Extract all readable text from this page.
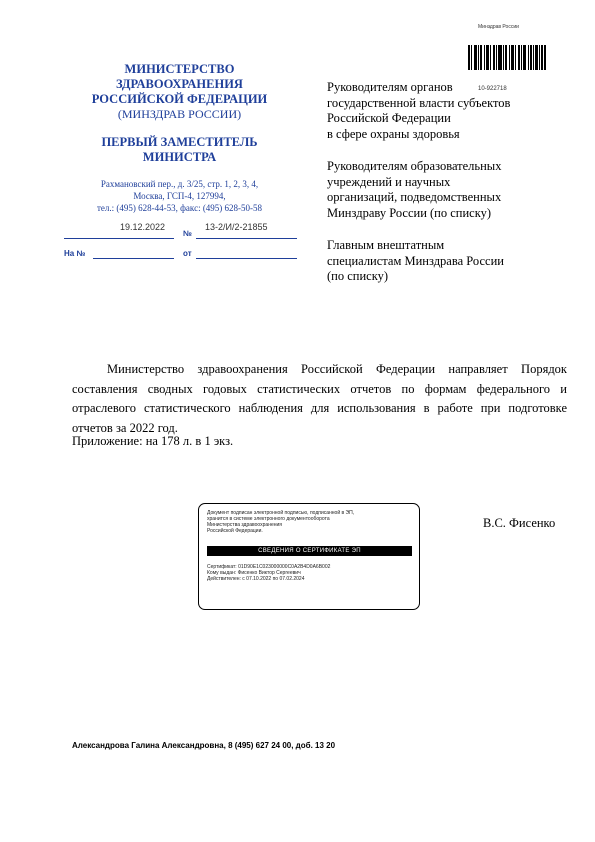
Минздрав России
10-922718
МИНИСТЕРСТВО
ЗДРАВООХРАНЕНИЯ
РОССИЙСКОЙ ФЕДЕРАЦИИ
(МИНЗДРАВ РОССИИ)
ПЕРВЫЙ ЗАМЕСТИТЕЛЬ
МИНИСТРА
Рахмановский пер., д. 3/25, стр. 1, 2, 3, 4,
Москва, ГСП-4, 127994,
тел.: (495) 628-44-53, факс: (495) 628-50-58
19.12.2022
№
13-2/И/2-21855
На №	от
Руководителям органов
государственной власти субъектов
Российской Федерации
в сфере охраны здоровья
Руководителям образовательных
учреждений и научных
организаций, подведомственных
Минздраву России (по списку)
Главным внештатным
специалистам Минздрава России
(по списку)
Министерство здравоохранения Российской Федерации направляет Порядок составления сводных годовых статистических отчетов по формам федерального и отраслевого статистического наблюдения для использования в работе при подготовке отчетов за 2022 год.
Приложение: на 178 л. в 1 экз.
Документ подписан электронной подписью, подписанной в ЭП,
хранится в системе электронного документооборота
Министерства здравоохранения
Российской Федерации.
СВЕДЕНИЯ О СЕРТИФИКАТЕ ЭП
Сертификат: 01D90E1C023000000C0A2B4D0A6B002
Кому выдан: Фисенко Виктор Сергеевич
Действителен: с 07.10.2022 по 07.02.2024
В.С. Фисенко
Александрова Галина Александровна, 8 (495) 627 24 00, доб. 13 20
